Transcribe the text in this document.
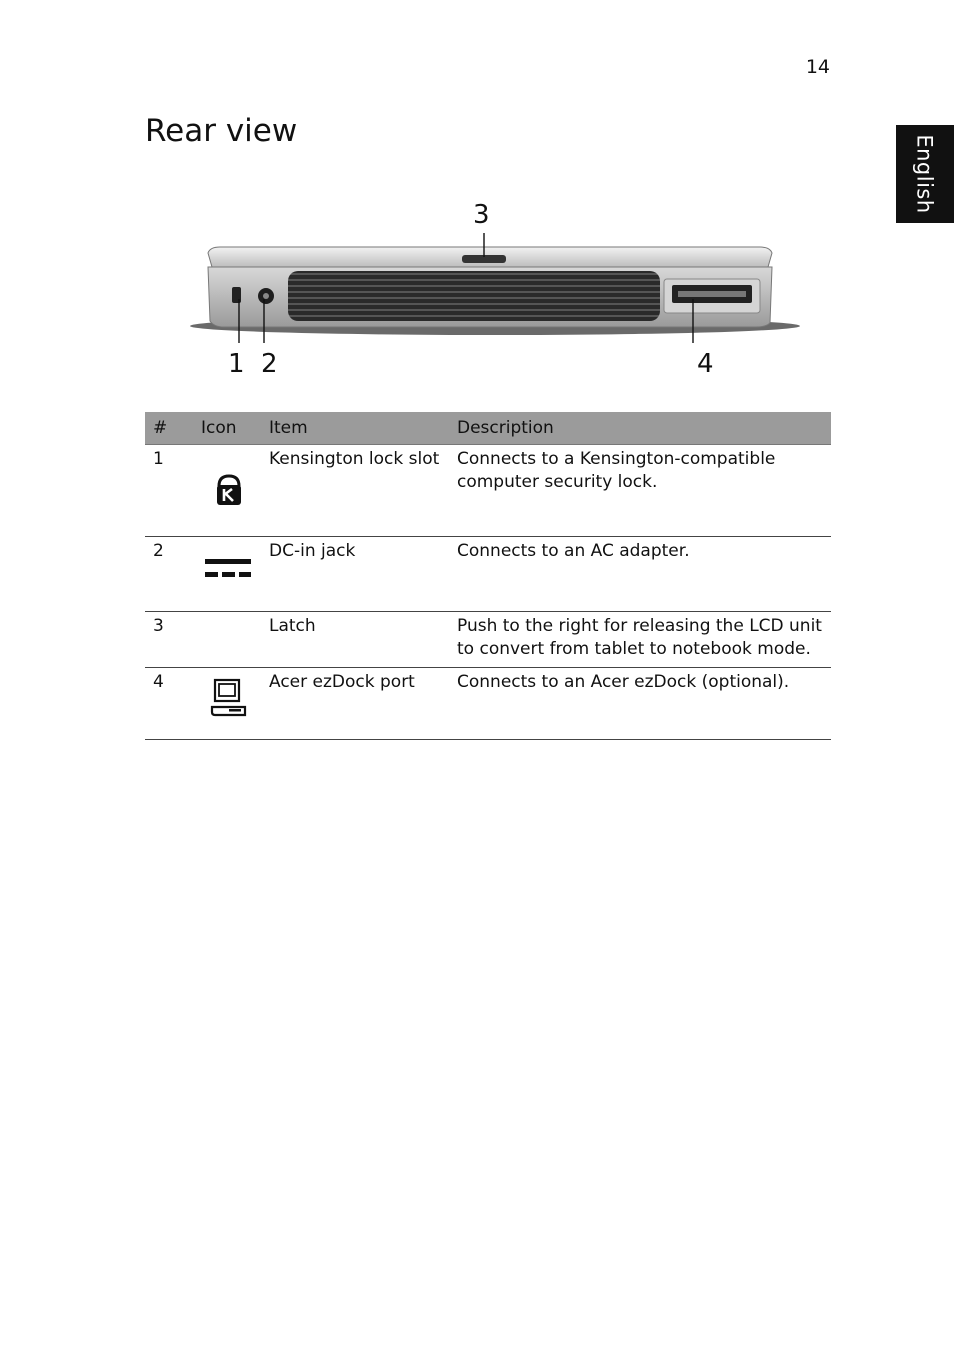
14
English
Rear view
1 2
3
4
#	Icon	Item	Description
1		Kensington lock slot	Connects to a Kensington-compatible computer security lock.
2		DC-in jack	Connects to an AC adapter.
3		Latch	Push to the right for releasing the LCD unit to convert from tablet to notebook mode.
4		Acer ezDock port	Connects to an Acer ezDock (optional).
